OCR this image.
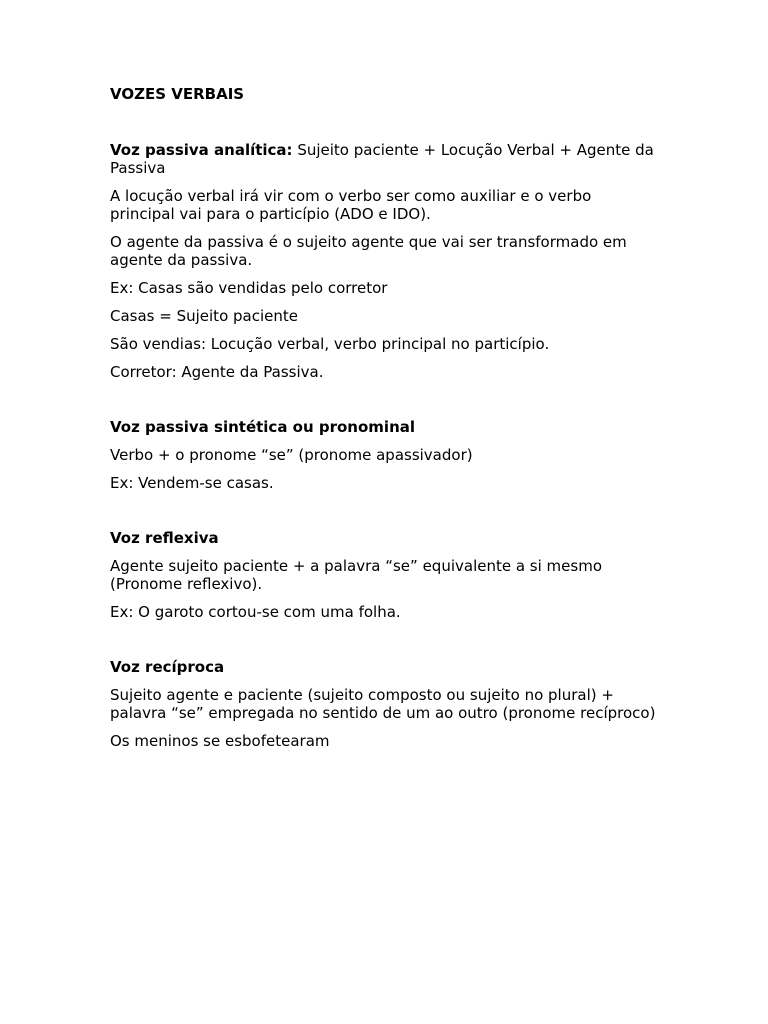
VOZES VERBAIS

Voz passiva analítica: Sujeito paciente + Locução Verbal + Agente da Passiva

A locução verbal irá vir com o verbo ser como auxiliar e o verbo principal vai para o particípio (ADO e IDO).

O agente da passiva é o sujeito agente que vai ser transformado em agente da passiva.

Ex: Casas são vendidas pelo corretor

Casas = Sujeito paciente

São vendias: Locução verbal, verbo principal no particípio.

Corretor: Agente da Passiva.

Voz passiva sintética ou pronominal

Verbo + o pronome “se” (pronome apassivador)

Ex: Vendem-se casas.

Voz reflexiva

Agente sujeito paciente + a palavra “se” equivalente a si mesmo (Pronome reflexivo).

Ex: O garoto cortou-se com uma folha.

Voz recíproca

Sujeito agente e paciente (sujeito composto ou sujeito no plural) + palavra “se” empregada no sentido de um ao outro (pronome recíproco)

Os meninos se esbofetearam
